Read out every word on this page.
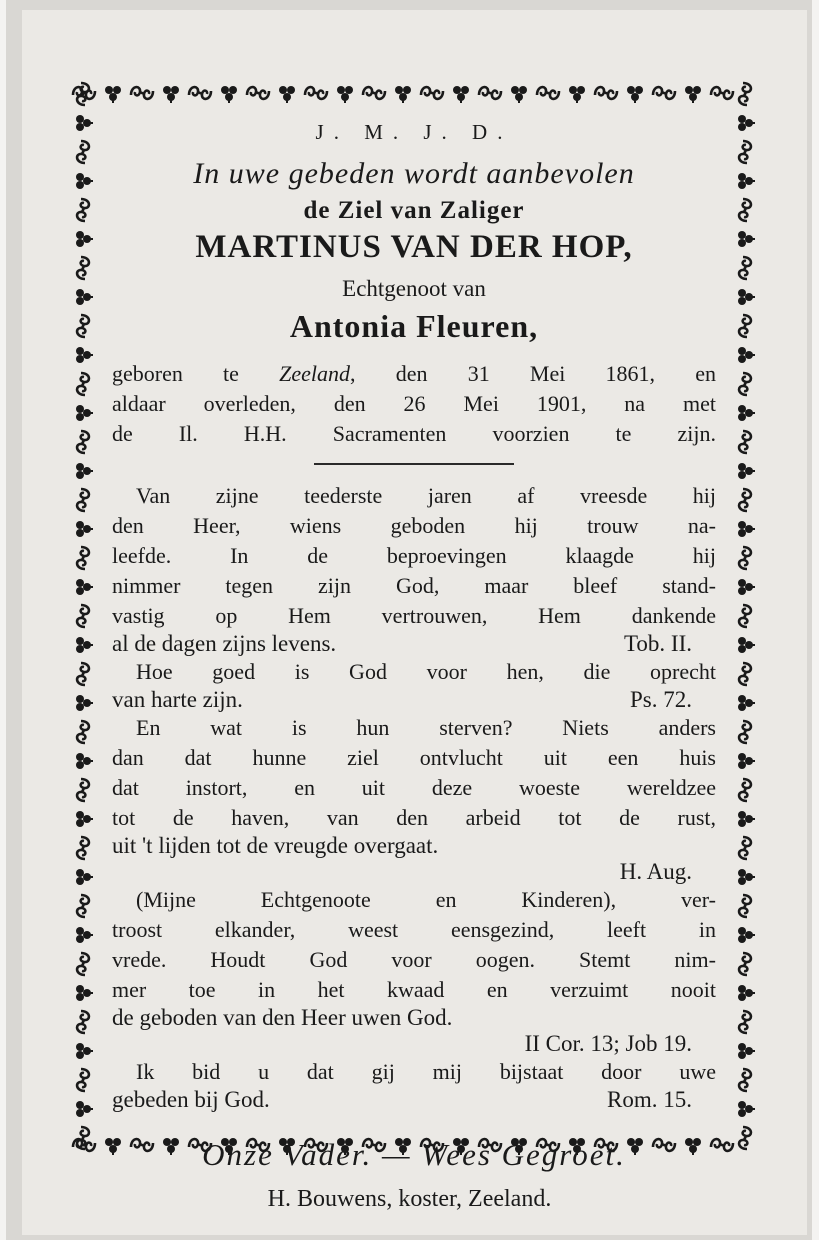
J. M. J. D.
In uwe gebeden wordt aanbevolen
de Ziel van Zaliger
MARTINUS VAN DER HOP,
Echtgenoot van
Antonia Fleuren,
geboren te Zeeland, den 31 Mei 1861, en
aldaar overleden, den 26 Mei 1901, na met
de Il. H.H. Sacramenten voorzien te zijn.
Van zijne teederste jaren af vreesde hij
den Heer, wiens geboden hij trouw na-
leefde. In de beproevingen klaagde hij
nimmer tegen zijn God, maar bleef stand-
vastig op Hem vertrouwen, Hem dankende
al de dagen zijns levens.	Tob. II.
Hoe goed is God voor hen, die oprecht
van harte zijn.	Ps. 72.
En wat is hun sterven? Niets anders
dan dat hunne ziel ontvlucht uit een huis
dat instort, en uit deze woeste wereldzee
tot de haven, van den arbeid tot de rust,
uit 't lijden tot de vreugde overgaat.
H. Aug.
(Mijne Echtgenoote en Kinderen), ver-
troost elkander, weest eensgezind, leeft in
vrede. Houdt God voor oogen. Stemt nim-
mer toe in het kwaad en verzuimt nooit
de geboden van den Heer uwen God.
II Cor. 13; Job 19.
Ik bid u dat gij mij bijstaat door uwe
gebeden bij God.	Rom. 15.
Onze Vader. — Wees Gegroet.
H. Bouwens, koster, Zeeland.
